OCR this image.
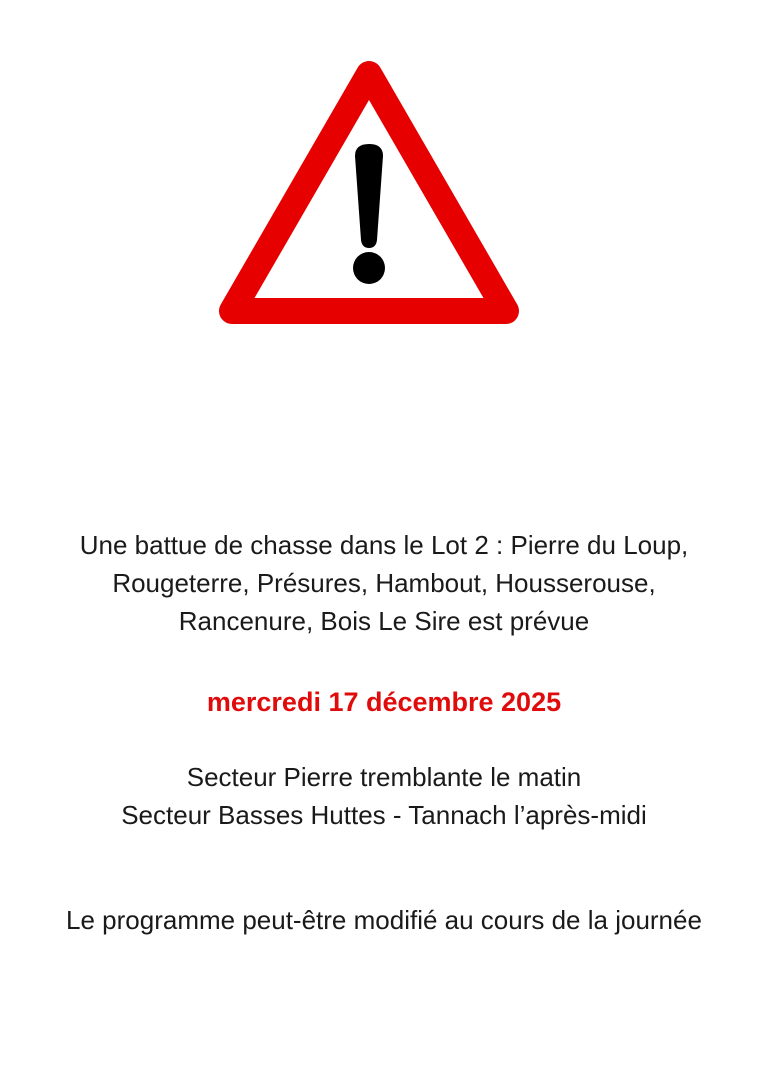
Une battue de chasse dans le Lot 2 : Pierre du Loup,
Rougeterre, Présures, Hambout, Housserouse,
Rancenure, Bois Le Sire est prévue

mercredi 17 décembre 2025

Secteur Pierre tremblante le matin
Secteur Basses Huttes - Tannach l’après-midi

Le programme peut-être modifié au cours de la journée
